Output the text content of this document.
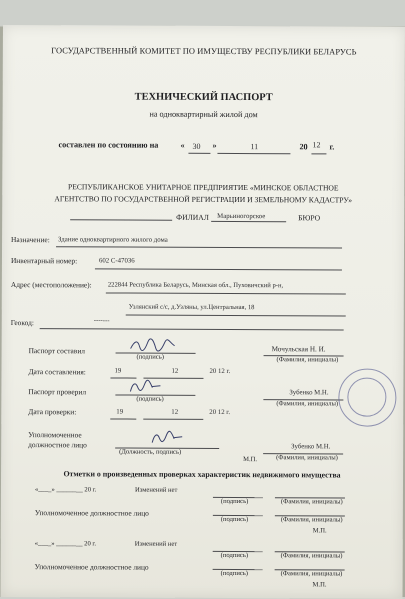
ГОСУДАРСТВЕННЫЙ КОМИТЕТ ПО ИМУЩЕСТВУ РЕСПУБЛИКИ БЕЛАРУСЬ
ТЕХНИЧЕСКИЙ ПАСПОРТ
на одноквартирный жилой дом
составлен по состоянию на	« 30 »	11	20 12 г.
РЕСПУБЛИКАНСКОЕ УНИТАРНОЕ ПРЕДПРИЯТИЕ «МИНСКОЕ ОБЛАСТНОЕ
АГЕНТСТВО ПО ГОСУДАРСТВЕННОЙ РЕГИСТРАЦИИ И ЗЕМЕЛЬНОМУ КАДАСТРУ»
ФИЛИАЛ Марьиногорское	БЮРО
Назначение: Здание одноквартирного жилого дома
Инвентарный номер:	602 С-47036
Адрес (местоположение): 222844 Республика Беларусь, Минская обл., Пуховичский р-н,
Узлянский с/с, д.Узляны, ул.Центральная, 18
Геокод:	-------
Паспорт составил
(подпись)
Мочульская Н. И.
(Фамилия, инициалы)
Дата составления:	19	12	20 12 г.
Паспорт проверил
(подпись)
Зубенко М.Н.
(Фамилия, инициалы)
Дата проверки:	19	12	20 12 г.
Уполномоченное
должностное лицо
(Должность, подпись)
Зубенко М.Н.
(Фамилия, инициалы)
М.П.
Отметки о произведенных проверках характеристик недвижимого имущества
«____» ________ 20 г.	Изменений нет
(подпись)	(Фамилия, инициалы)
Уполномоченное должностное лицо
(подпись)	(Фамилия, инициалы)
М.П.
«____» ________ 20 г.	Изменений нет
(подпись)	(Фамилия, инициалы)
Уполномоченное должностное лицо
(подпись)	(Фамилия, инициалы)
М.П.
